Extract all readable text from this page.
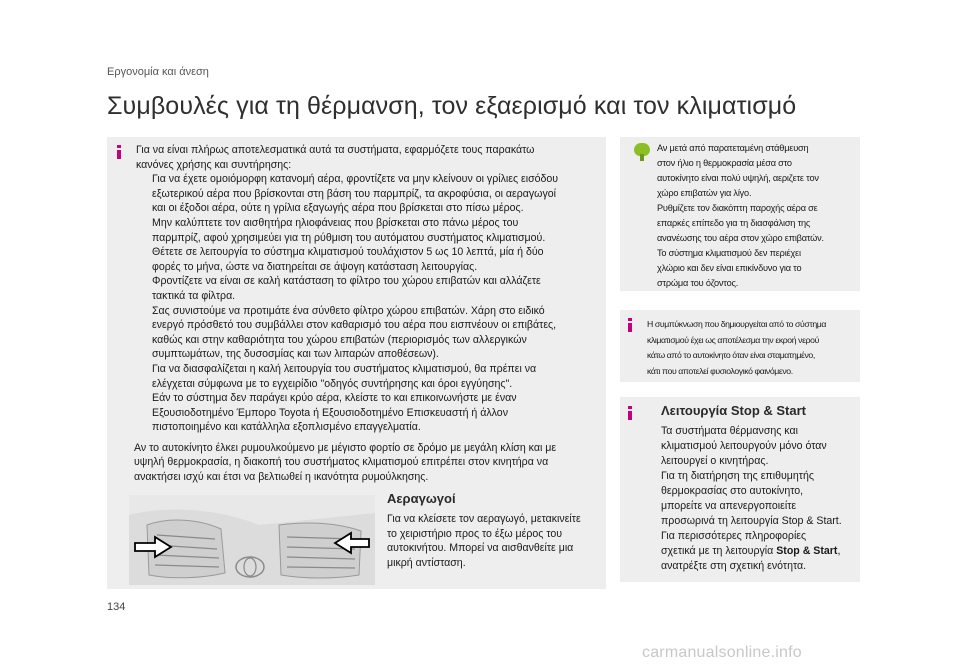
Εργονομία και άνεση
Συμβουλές για τη θέρμανση, τον εξαερισμό και τον κλιματισμό
Για να είναι πλήρως αποτελεσματικά αυτά τα συστήματα, εφαρμόζετε τους παρακάτω κανόνες χρήσης και συντήρησης:
Για να έχετε ομοιόμορφη κατανομή αέρα, φροντίζετε να μην κλείνουν οι γρίλιες εισόδου
εξωτερικού αέρα που βρίσκονται στη βάση του παρμπρίζ, τα ακροφύσια, οι αεραγωγοί
και οι έξοδοι αέρα, ούτε η γρίλια εξαγωγής αέρα που βρίσκεται στο πίσω μέρος.
Μην καλύπτετε τον αισθητήρα ηλιοφάνειας που βρίσκεται στο πάνω μέρος του
παρμπρίζ, αφού χρησιμεύει για τη ρύθμιση του αυτόματου συστήματος κλιματισμού.
Θέτετε σε λειτουργία το σύστημα κλιματισμού τουλάχιστον 5 ως 10 λεπτά, μία ή δύο
φορές το μήνα, ώστε να διατηρείται σε άψογη κατάσταση λειτουργίας.
Φροντίζετε να είναι σε καλή κατάσταση το φίλτρο του χώρου επιβατών και αλλάζετε
τακτικά τα φίλτρα.
Σας συνιστούμε να προτιμάτε ένα σύνθετο φίλτρο χώρου επιβατών. Χάρη στο ειδικό
ενεργό πρόσθετό του συμβάλλει στον καθαρισμό του αέρα που εισπνέουν οι επιβάτες,
καθώς και στην καθαριότητα του χώρου επιβατών (περιορισμός των αλλεργικών
συμπτωμάτων, της δυσοσμίας και των λιπαρών αποθέσεων).
Για να διασφαλίζεται η καλή λειτουργία του συστήματος κλιματισμού, θα πρέπει να
ελέγχεται σύμφωνα με το εγχειρίδιο "οδηγός συντήρησης και όροι εγγύησης".
Εάν το σύστημα δεν παράγει κρύο αέρα, κλείστε το και επικοινωνήστε με έναν
Εξουσιοδοτημένο Έμπορο Toyota ή Εξουσιοδοτημένο Επισκευαστή ή άλλον
πιστοποιημένο και κατάλληλα εξοπλισμένο επαγγελματία.
Αν το αυτοκίνητο έλκει ρυμουλκούμενο με μέγιστο φορτίο σε δρόμο με μεγάλη κλίση και με
υψηλή θερμοκρασία, η διακοπή του συστήματος κλιματισμού επιτρέπει στον κινητήρα να
ανακτήσει ισχύ και έτσι να βελτιωθεί η ικανότητα ρυμούλκησης.
Αεραγωγοί
Για να κλείσετε τον αεραγωγό, μετακινείτε
το χειριστήριο προς το έξω μέρος του
αυτοκινήτου. Μπορεί να αισθανθείτε μια
μικρή αντίσταση.
Αν μετά από παρατεταμένη στάθμευση
στον ήλιο η θερμοκρασία μέσα στο
αυτοκίνητο είναι πολύ υψηλή, αεριζετε τον
χώρο επιβατών για λίγο.
Ρυθμίζετε τον διακόπτη παροχής αέρα σε
επαρκές επίπεδο για τη διασφάλιση της
ανανέωσης του αέρα στον χώρο επιβατών.
Το σύστημα κλιματισμού δεν περιέχει
χλώριο και δεν είναι επικίνδυνο για το
στρώμα του όζοντος.
Η συμπύκνωση που δημιουργείται από το σύστημα
κλιματισμού έχει ως αποτέλεσμα την εκροή νερού
κάτω από το αυτοκίνητο όταν είναι σταματημένο,
κάτι που αποτελεί φυσιολογικό φαινόμενο.
Λειτουργία Stop & Start
Τα συστήματα θέρμανσης και
κλιματισμού λειτουργούν μόνο όταν
λειτουργεί ο κινητήρας.
Για τη διατήρηση της επιθυμητής
θερμοκρασίας στο αυτοκίνητο,
μπορείτε να απενεργοποιείτε
προσωρινά τη λειτουργία Stop & Start.
Για περισσότερες πληροφορίες
σχετικά με τη λειτουργία Stop & Start,
ανατρέξτε στη σχετική ενότητα.
134
carmanualsonline.info
